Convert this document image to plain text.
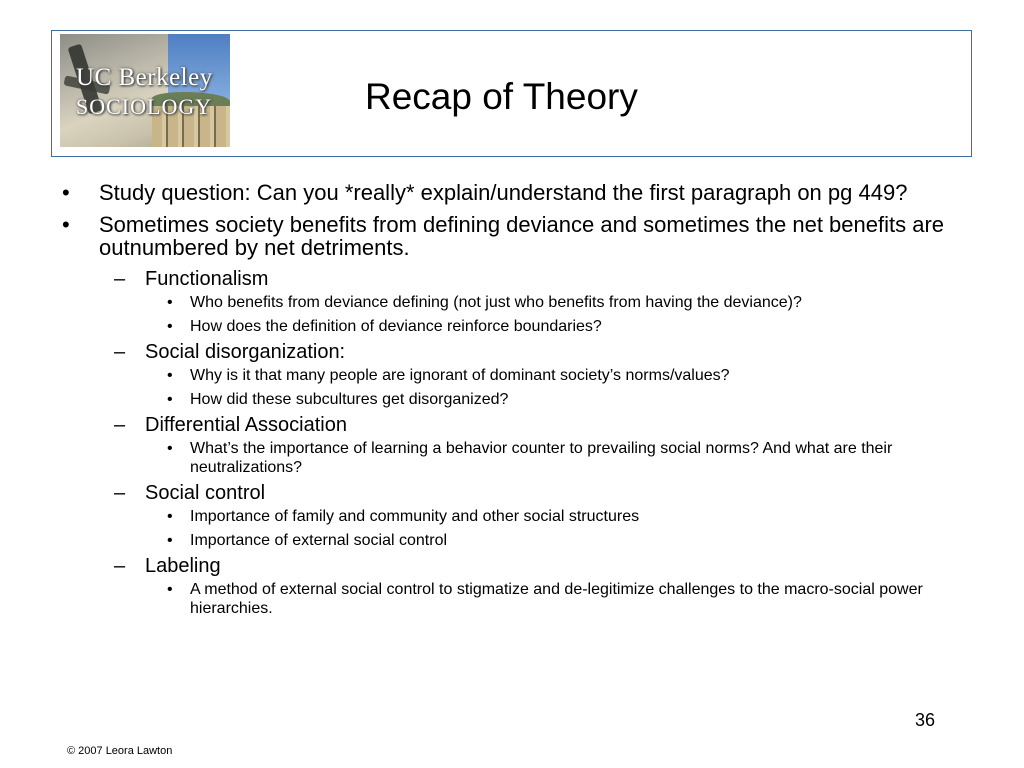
UC Berkeley
SOCIOLOGY	Recap of Theory
• Study question: Can you *really* explain/understand the first paragraph on pg 449?
• Sometimes society benefits from defining deviance and sometimes the net benefits are outnumbered by net detriments.
– Functionalism
• Who benefits from deviance defining (not just who benefits from having the deviance)?
• How does the definition of deviance reinforce boundaries?
– Social disorganization:
• Why is it that many people are ignorant of dominant society’s norms/values?
• How did these subcultures get disorganized?
– Differential Association
• What’s the importance of learning a behavior counter to prevailing social norms? And what are their neutralizations?
– Social control
• Importance of family and community and other social structures
• Importance of external social control
– Labeling
• A method of external social control to stigmatize and de-legitimize challenges to the macro-social power hierarchies.
36
© 2007 Leora Lawton
